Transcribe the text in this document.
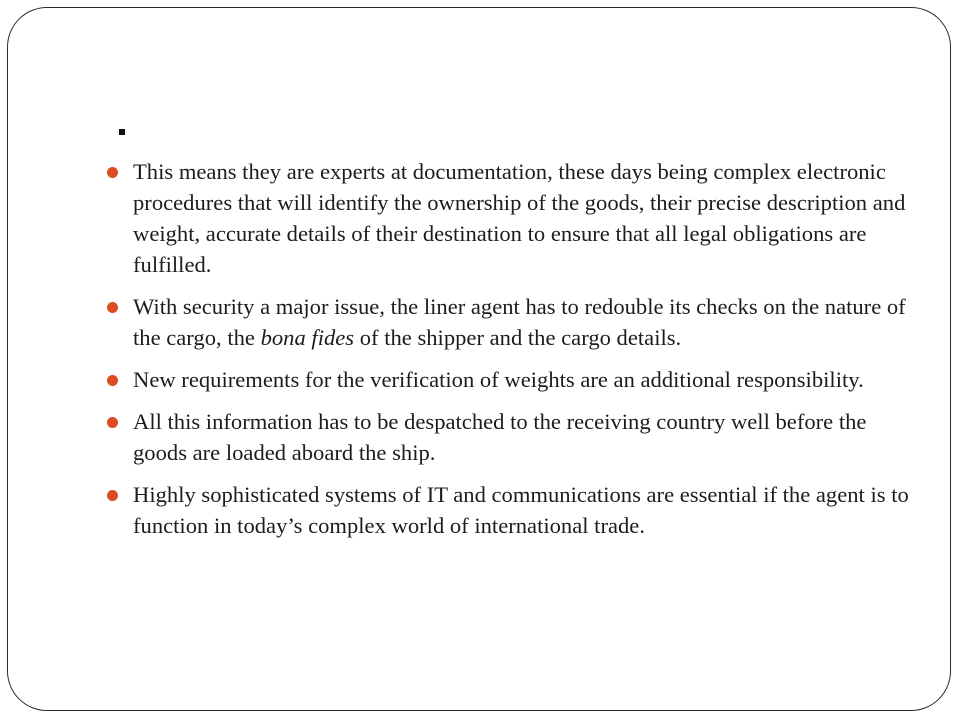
This means they are experts at documentation, these days being complex electronic procedures that will identify the ownership of the goods, their precise description and weight, accurate details of their destination to ensure that all legal obligations are fulfilled.
With security a major issue, the liner agent has to redouble its checks on the nature of the cargo, the bona fides of the shipper and the cargo details.
New requirements for the verification of weights are an additional responsibility.
All this information has to be despatched to the receiving country well before the goods are loaded aboard the ship.
Highly sophisticated systems of IT and communications are essential if the agent is to function in today’s complex world of international trade.
